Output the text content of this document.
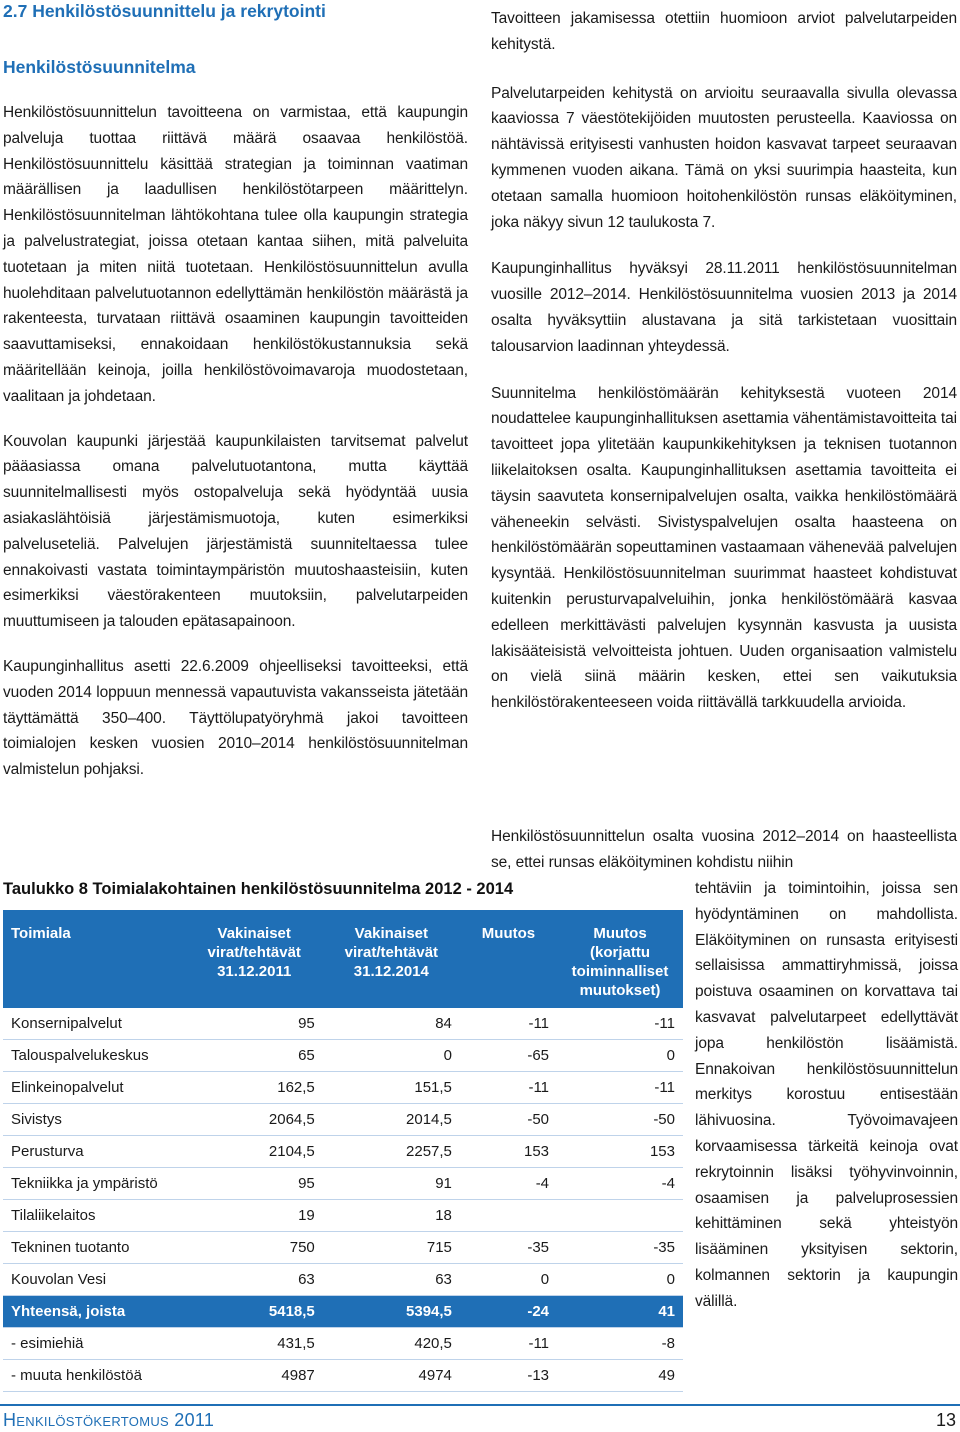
2.7 Henkilöstösuunnittelu ja rekrytointi
Henkilöstösuunnitelma

Henkilöstösuunnittelun tavoitteena on varmistaa, että kaupungin palveluja tuottaa riittävä määrä osaavaa henkilöstöä. Henkilöstösuunnittelu käsittää strategian ja toiminnan vaatiman määrällisen ja laadullisen henkilöstötarpeen määrittelyn. Henkilöstösuunnitelman lähtökohtana tulee olla kaupungin strategia ja palvelustrategiat, joissa otetaan kantaa siihen, mitä palveluita tuotetaan ja miten niitä tuotetaan. Henkilöstösuunnittelun avulla huolehditaan palvelutuotannon edellyttämän henkilöstön määrästä ja rakenteesta, turvataan riittävä osaaminen kaupungin tavoitteiden saavuttamiseksi, ennakoidaan henkilöstökustannuksia sekä määritellään keinoja, joilla henkilöstövoimavaroja muodostetaan, vaalitaan ja johdetaan.

Kouvolan kaupunki järjestää kaupunkilaisten tarvitsemat palvelut pääasiassa omana palvelutuotantona, mutta käyttää suunnitelmallisesti myös ostopalveluja sekä hyödyntää uusia asiakaslähtöisiä järjestämismuotoja, kuten esimerkiksi palveluseteliä. Palvelujen järjestämistä suunniteltaessa tulee ennakoivasti vastata toimintaympäristön muutoshaasteisiin, kuten esimerkiksi väestörakenteen muutoksiin, palvelutarpeiden muuttumiseen ja talouden epätasapainoon.

Kaupunginhallitus asetti 22.6.2009 ohjeelliseksi tavoitteeksi, että vuoden 2014 loppuun mennessä vapautuvista vakansseista jätetään täyttämättä 350–400. Täyttölupatyöryhmä jakoi tavoitteen toimialojen kesken vuosien 2010–2014 henkilöstösuunnitelman valmistelun pohjaksi.

Tavoitteen jakamisessa otettiin huomioon arviot palvelutarpeiden kehitystä.

Palvelutarpeiden kehitystä on arvioitu seuraavalla sivulla olevassa kaaviossa 7 väestötekijöiden muutosten perusteella. Kaaviossa on nähtävissä erityisesti vanhusten hoidon kasvavat tarpeet seuraavan kymmenen vuoden aikana. Tämä on yksi suurimpia haasteita, kun otetaan samalla huomioon hoitohenkilöstön runsas eläköityminen, joka näkyy sivun 12 taulukosta 7.

Kaupunginhallitus hyväksyi 28.11.2011 henkilöstösuunnitelman vuosille 2012–2014. Henkilöstösuunnitelma vuosien 2013 ja 2014 osalta hyväksyttiin alustavana ja sitä tarkistetaan vuosittain talousarvion laadinnan yhteydessä.

Suunnitelma henkilöstömäärän kehityksestä vuoteen 2014 noudattelee kaupunginhallituksen asettamia vähentämistavoitteita tai tavoitteet jopa ylitetään kaupunkikehityksen ja teknisen tuotannon liikelaitoksen osalta. Kaupunginhallituksen asettamia tavoitteita ei täysin saavuteta konsernipalvelujen osalta, vaikka henkilöstömäärä väheneekin selvästi. Sivistyspalvelujen osalta haasteena on henkilöstömäärän sopeuttaminen vastaamaan vähenevää palvelujen kysyntää. Henkilöstösuunnitelman suurimmat haasteet kohdistuvat kuitenkin perusturvapalveluihin, jonka henkilöstömäärä kasvaa edelleen merkittävästi palvelujen kysynnän kasvusta ja uusista lakisääteisistä velvoitteista johtuen. Uuden organisaation valmistelu on vielä siinä määrin kesken, ettei sen vaikutuksia henkilöstörakenteeseen voida riittävällä tarkkuudella arvioida.

Henkilöstösuunnittelun osalta vuosina 2012–2014 on haasteellista se, ettei runsas eläköityminen kohdistu niihin

Taulukko 8 Toimialakohtainen henkilöstösuunnitelma 2012 - 2014
Toimiala	Vakinaiset virat/tehtävät 31.12.2011	Vakinaiset virat/tehtävät 31.12.2014	Muutos	Muutos (korjattu toiminnalliset muutokset)
Konsernipalvelut	95	84	-11	-11
Talouspalvelukeskus	65	0	-65	0
Elinkeinopalvelut	162,5	151,5	-11	-11
Sivistys	2064,5	2014,5	-50	-50
Perusturva	2104,5	2257,5	153	153
Tekniikka ja ympäristö	95	91	-4	-4
Tilaliikelaitos	19	18		
Tekninen tuotanto	750	715	-35	-35
Kouvolan Vesi	63	63	0	0
Yhteensä, joista	5418,5	5394,5	-24	41
- esimiehiä	431,5	420,5	-11	-8
- muuta henkilöstöä	4987	4974	-13	49

tehtäviin ja toimintoihin, joissa sen hyödyntäminen on mahdollista. Eläköityminen on runsasta erityisesti sellaisissa ammattiryhmissä, joissa poistuva osaaminen on korvattava tai kasvavat palvelutarpeet edellyttävät jopa henkilöstön lisäämistä. Ennakoivan henkilöstösuunnittelun merkitys korostuu entisestään lähivuosina. Työvoimavajeen korvaamisessa tärkeitä keinoja ovat rekrytoinnin lisäksi työhyvinvoinnin, osaamisen ja palveluprosessien kehittäminen sekä yhteistyön lisääminen yksityisen sektorin, kolmannen sektorin ja kaupungin välillä.

Henkilöstökertomus 2011	13
